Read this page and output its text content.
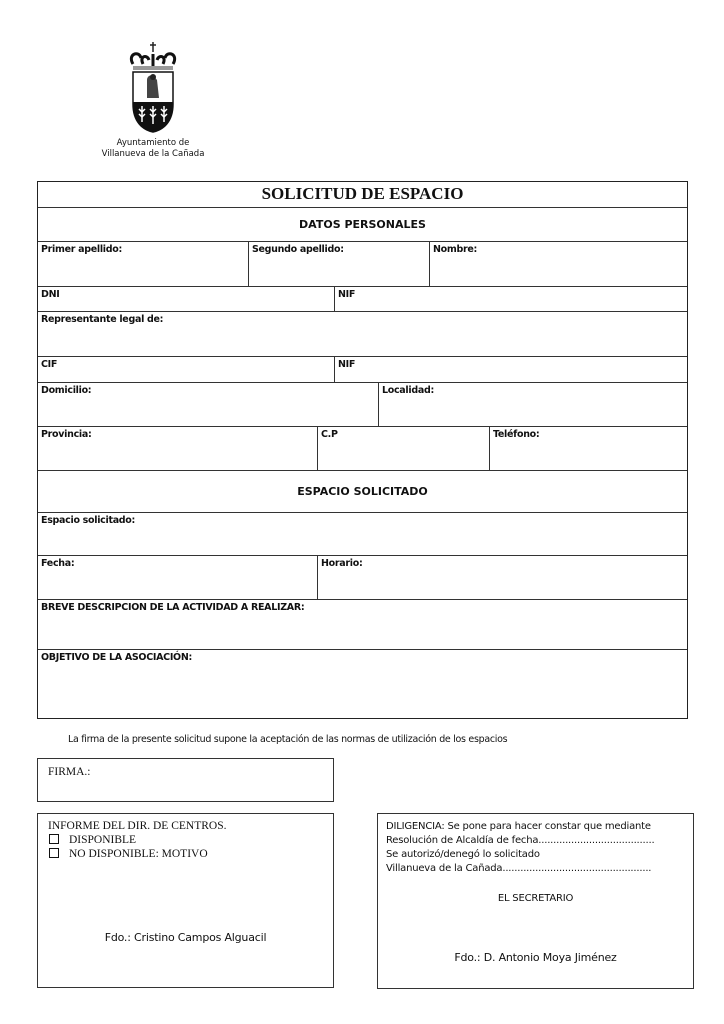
Ayuntamiento de
Villanueva de la Cañada
SOLICITUD DE ESPACIO
DATOS PERSONALES
Primer apellido:	Segundo apellido:	Nombre:
DNI	NIF
Representante legal de:
CIF	NIF
Domicilio:	Localidad:
Provincia:	C.P	Teléfono:
ESPACIO SOLICITADO
Espacio solicitado:
Fecha:	Horario:
BREVE DESCRIPCION DE LA ACTIVIDAD A REALIZAR:
OBJETIVO DE LA ASOCIACIÓN:
La firma de la presente solicitud supone la aceptación de las normas de utilización de los espacios
FIRMA.:
INFORME DEL DIR. DE CENTROS.
DISPONIBLE
NO DISPONIBLE: MOTIVO
Fdo.: Cristino Campos Alguacil
DILIGENCIA: Se pone para hacer constar que mediante
Resolución de Alcaldía de fecha.......................................
Se autorizó/denegó lo solicitado
Villanueva de la Cañada..................................................
EL SECRETARIO
Fdo.: D. Antonio Moya Jiménez
